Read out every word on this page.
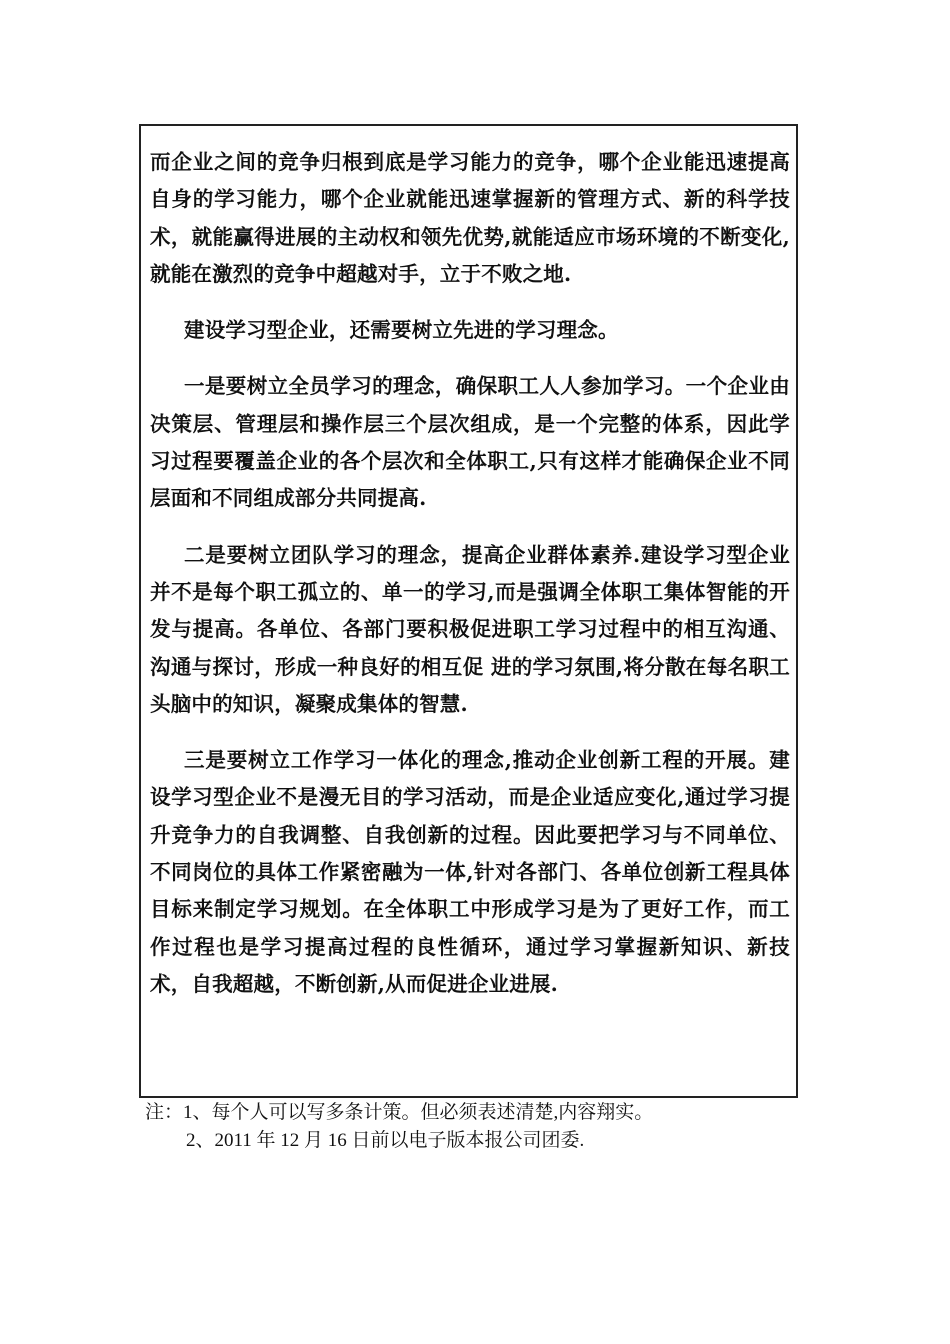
而企业之间的竞争归根到底是学习能力的竞争，哪个企业能迅速提高自身的学习能力，哪个企业就能迅速掌握新的管理方式、新的科学技术，就能赢得进展的主动权和领先优势,就能适应市场环境的不断变化,就能在激烈的竞争中超越对手，立于不败之地.

建设学习型企业，还需要树立先进的学习理念。

一是要树立全员学习的理念，确保职工人人参加学习。一个企业由决策层、管理层和操作层三个层次组成，是一个完整的体系，因此学习过程要覆盖企业的各个层次和全体职工,只有这样才能确保企业不同层面和不同组成部分共同提高.

二是要树立团队学习的理念，提高企业群体素养.建设学习型企业并不是每个职工孤立的、单一的学习,而是强调全体职工集体智能的开发与提高。各单位、各部门要积极促进职工学习过程中的相互沟通、沟通与探讨，形成一种良好的相互促 进的学习氛围,将分散在每名职工头脑中的知识，凝聚成集体的智慧.

三是要树立工作学习一体化的理念,推动企业创新工程的开展。建设学习型企业不是漫无目的学习活动，而是企业适应变化,通过学习提升竞争力的自我调整、自我创新的过程。因此要把学习与不同单位、不同岗位的具体工作紧密融为一体,针对各部门、各单位创新工程具体目标来制定学习规划。在全体职工中形成学习是为了更好工作，而工作过程也是学习提高过程的良性循环，通过学习掌握新知识、新技术，自我超越，不断创新,从而促进企业进展.

注：1、每个人可以写多条计策。但必须表述清楚,内容翔实。
2、2011 年 12 月 16 日前以电子版本报公司团委.
